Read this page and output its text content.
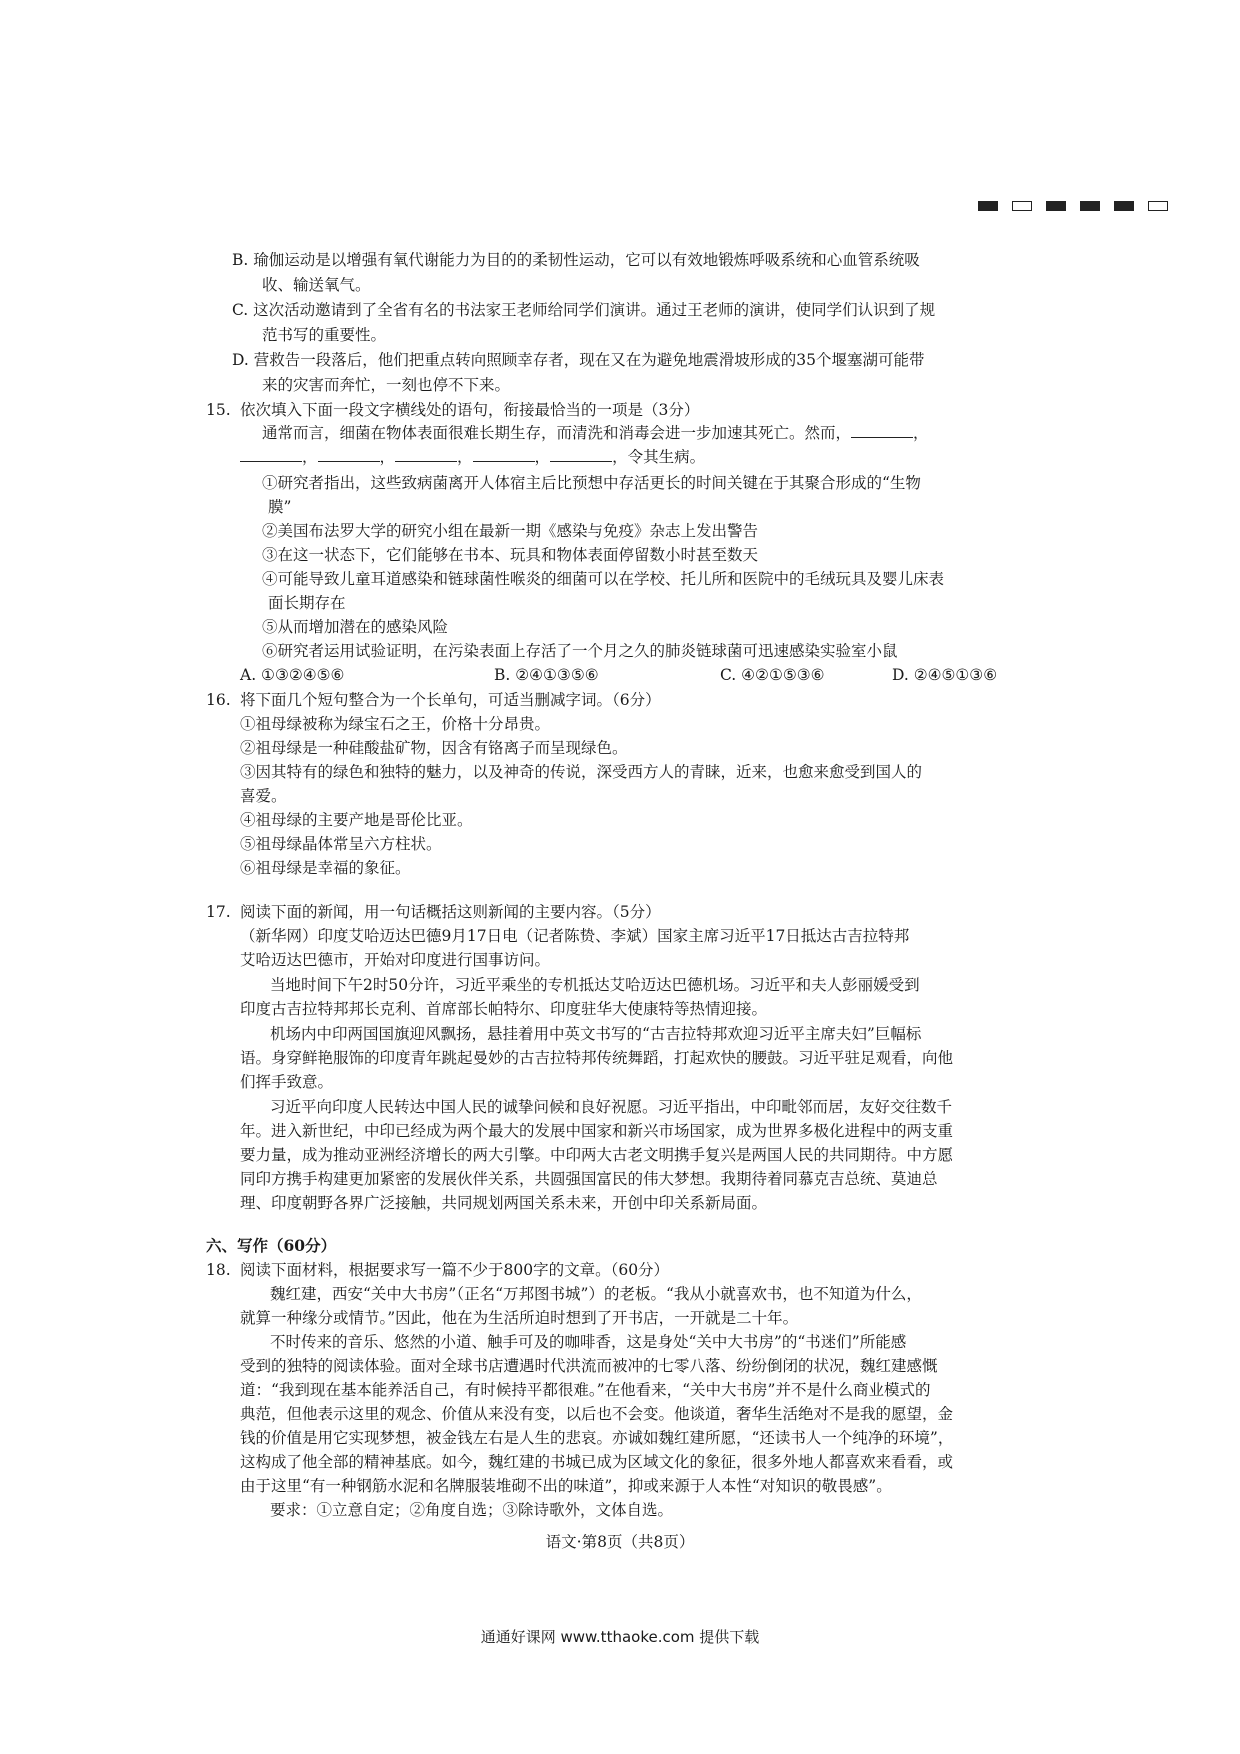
B. 瑜伽运动是以增强有氧代谢能力为目的的柔韧性运动，它可以有效地锻炼呼吸系统和心血管系统吸
收、输送氧气。
C. 这次活动邀请到了全省有名的书法家王老师给同学们演讲。通过王老师的演讲，使同学们认识到了规
范书写的重要性。
D. 营救告一段落后，他们把重点转向照顾幸存者，现在又在为避免地震滑坡形成的35个堰塞湖可能带
来的灾害而奔忙，一刻也停不下来。
15. 依次填入下面一段文字横线处的语句，衔接最恰当的一项是（3分）
通常而言，细菌在物体表面很难长期生存，而清洗和消毒会进一步加速其死亡。然而，	，
，	，	，	，	，令其生病。
①研究者指出，这些致病菌离开人体宿主后比预想中存活更长的时间关键在于其聚合形成的“生物
膜”
②美国布法罗大学的研究小组在最新一期《感染与免疫》杂志上发出警告
③在这一状态下，它们能够在书本、玩具和物体表面停留数小时甚至数天
④可能导致儿童耳道感染和链球菌性喉炎的细菌可以在学校、托儿所和医院中的毛绒玩具及婴儿床表
面长期存在
⑤从而增加潜在的感染风险
⑥研究者运用试验证明，在污染表面上存活了一个月之久的肺炎链球菌可迅速感染实验室小鼠
A. ①③②④⑤⑥	B. ②④①③⑤⑥	C. ④②①⑤③⑥	D. ②④⑤①③⑥
16. 将下面几个短句整合为一个长单句，可适当删减字词。（6分）
①祖母绿被称为绿宝石之王，价格十分昂贵。
②祖母绿是一种硅酸盐矿物，因含有铬离子而呈现绿色。
③因其特有的绿色和独特的魅力，以及神奇的传说，深受西方人的青睐，近来，也愈来愈受到国人的
喜爱。
④祖母绿的主要产地是哥伦比亚。
⑤祖母绿晶体常呈六方柱状。
⑥祖母绿是幸福的象征。
17. 阅读下面的新闻，用一句话概括这则新闻的主要内容。（5分）
（新华网）印度艾哈迈达巴德9月17日电（记者陈贽、李斌）国家主席习近平17日抵达古吉拉特邦
艾哈迈达巴德市，开始对印度进行国事访问。
当地时间下午2时50分许，习近平乘坐的专机抵达艾哈迈达巴德机场。习近平和夫人彭丽媛受到
印度古吉拉特邦邦长克利、首席部长帕特尔、印度驻华大使康特等热情迎接。
机场内中印两国国旗迎风飘扬，悬挂着用中英文书写的“古吉拉特邦欢迎习近平主席夫妇”巨幅标
语。身穿鲜艳服饰的印度青年跳起曼妙的古吉拉特邦传统舞蹈，打起欢快的腰鼓。习近平驻足观看，向他
们挥手致意。
习近平向印度人民转达中国人民的诚挚问候和良好祝愿。习近平指出，中印毗邻而居，友好交往数千
年。进入新世纪，中印已经成为两个最大的发展中国家和新兴市场国家，成为世界多极化进程中的两支重
要力量，成为推动亚洲经济增长的两大引擎。中印两大古老文明携手复兴是两国人民的共同期待。中方愿
同印方携手构建更加紧密的发展伙伴关系，共圆强国富民的伟大梦想。我期待着同慕克吉总统、莫迪总
理、印度朝野各界广泛接触，共同规划两国关系未来，开创中印关系新局面。
六、写作（60分）
18. 阅读下面材料，根据要求写一篇不少于800字的文章。（60分）
魏红建，西安“关中大书房”（正名“万邦图书城”）的老板。“我从小就喜欢书，也不知道为什么，
就算一种缘分或情节。”因此，他在为生活所迫时想到了开书店，一开就是二十年。
不时传来的音乐、悠然的小道、触手可及的咖啡香，这是身处“关中大书房”的“书迷们”所能感
受到的独特的阅读体验。面对全球书店遭遇时代洪流而被冲的七零八落、纷纷倒闭的状况，魏红建感慨
道：“我到现在基本能养活自己，有时候持平都很难。”在他看来，“关中大书房”并不是什么商业模式的
典范，但他表示这里的观念、价值从来没有变，以后也不会变。他谈道，奢华生活绝对不是我的愿望，金
钱的价值是用它实现梦想，被金钱左右是人生的悲哀。亦诚如魏红建所愿，“还读书人一个纯净的环境”，
这构成了他全部的精神基底。如今，魏红建的书城已成为区域文化的象征，很多外地人都喜欢来看看，或
由于这里“有一种钢筋水泥和名牌服装堆砌不出的味道”，抑或来源于人本性“对知识的敬畏感”。
要求：①立意自定；②角度自选；③除诗歌外，文体自选。
语文·第8页（共8页）
通通好课网 www.tthaoke.com 提供下载
